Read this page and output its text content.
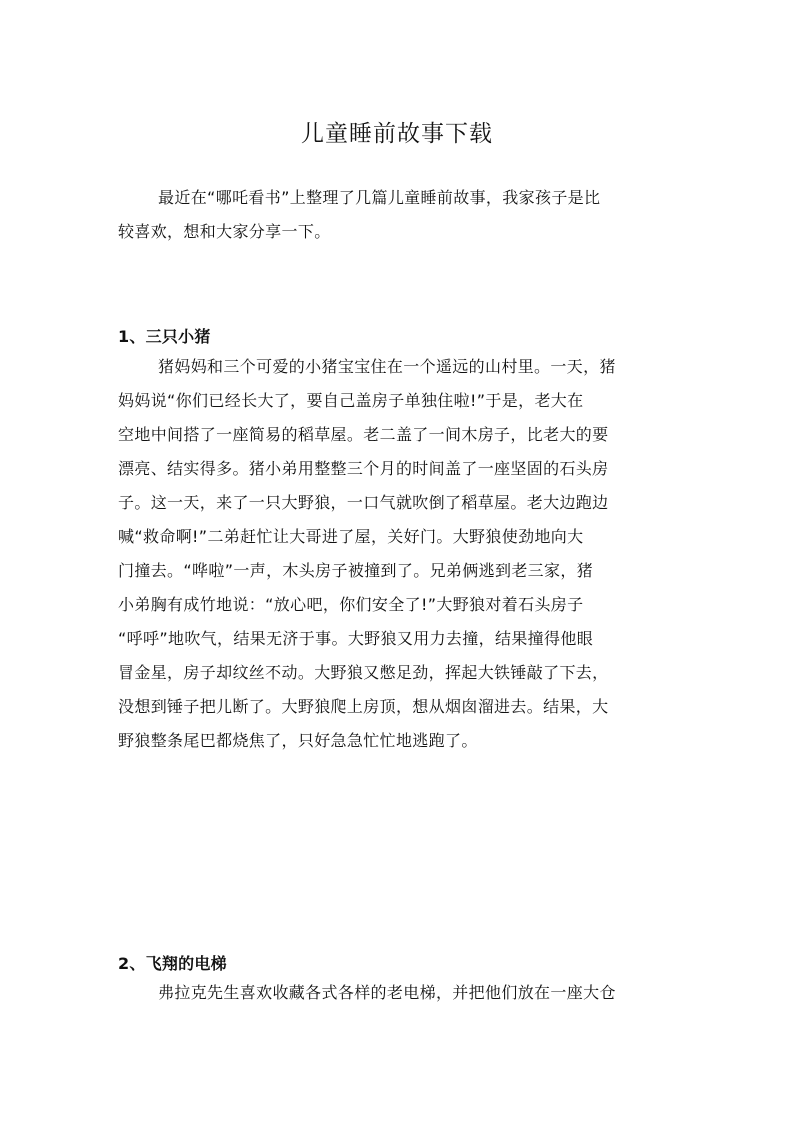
儿童睡前故事下载
最近在“哪吒看书”上整理了几篇儿童睡前故事，我家孩子是比
较喜欢，想和大家分享一下。
1、三只小猪
猪妈妈和三个可爱的小猪宝宝住在一个遥远的山村里。一天，猪
妈妈说“你们已经长大了，要自己盖房子单独住啦!”于是，老大在
空地中间搭了一座简易的稻草屋。老二盖了一间木房子，比老大的要
漂亮、结实得多。猪小弟用整整三个月的时间盖了一座坚固的石头房
子。这一天，来了一只大野狼，一口气就吹倒了稻草屋。老大边跑边
喊“救命啊!”二弟赶忙让大哥进了屋，关好门。大野狼使劲地向大
门撞去。“哗啦”一声，木头房子被撞到了。兄弟俩逃到老三家，猪
小弟胸有成竹地说：“放心吧，你们安全了!”大野狼对着石头房子
“呼呼”地吹气，结果无济于事。大野狼又用力去撞，结果撞得他眼
冒金星，房子却纹丝不动。大野狼又憋足劲，挥起大铁锤敲了下去，
没想到锤子把儿断了。大野狼爬上房顶，想从烟囱溜进去。结果，大
野狼整条尾巴都烧焦了，只好急急忙忙地逃跑了。
2、飞翔的电梯
弗拉克先生喜欢收藏各式各样的老电梯，并把他们放在一座大仓
